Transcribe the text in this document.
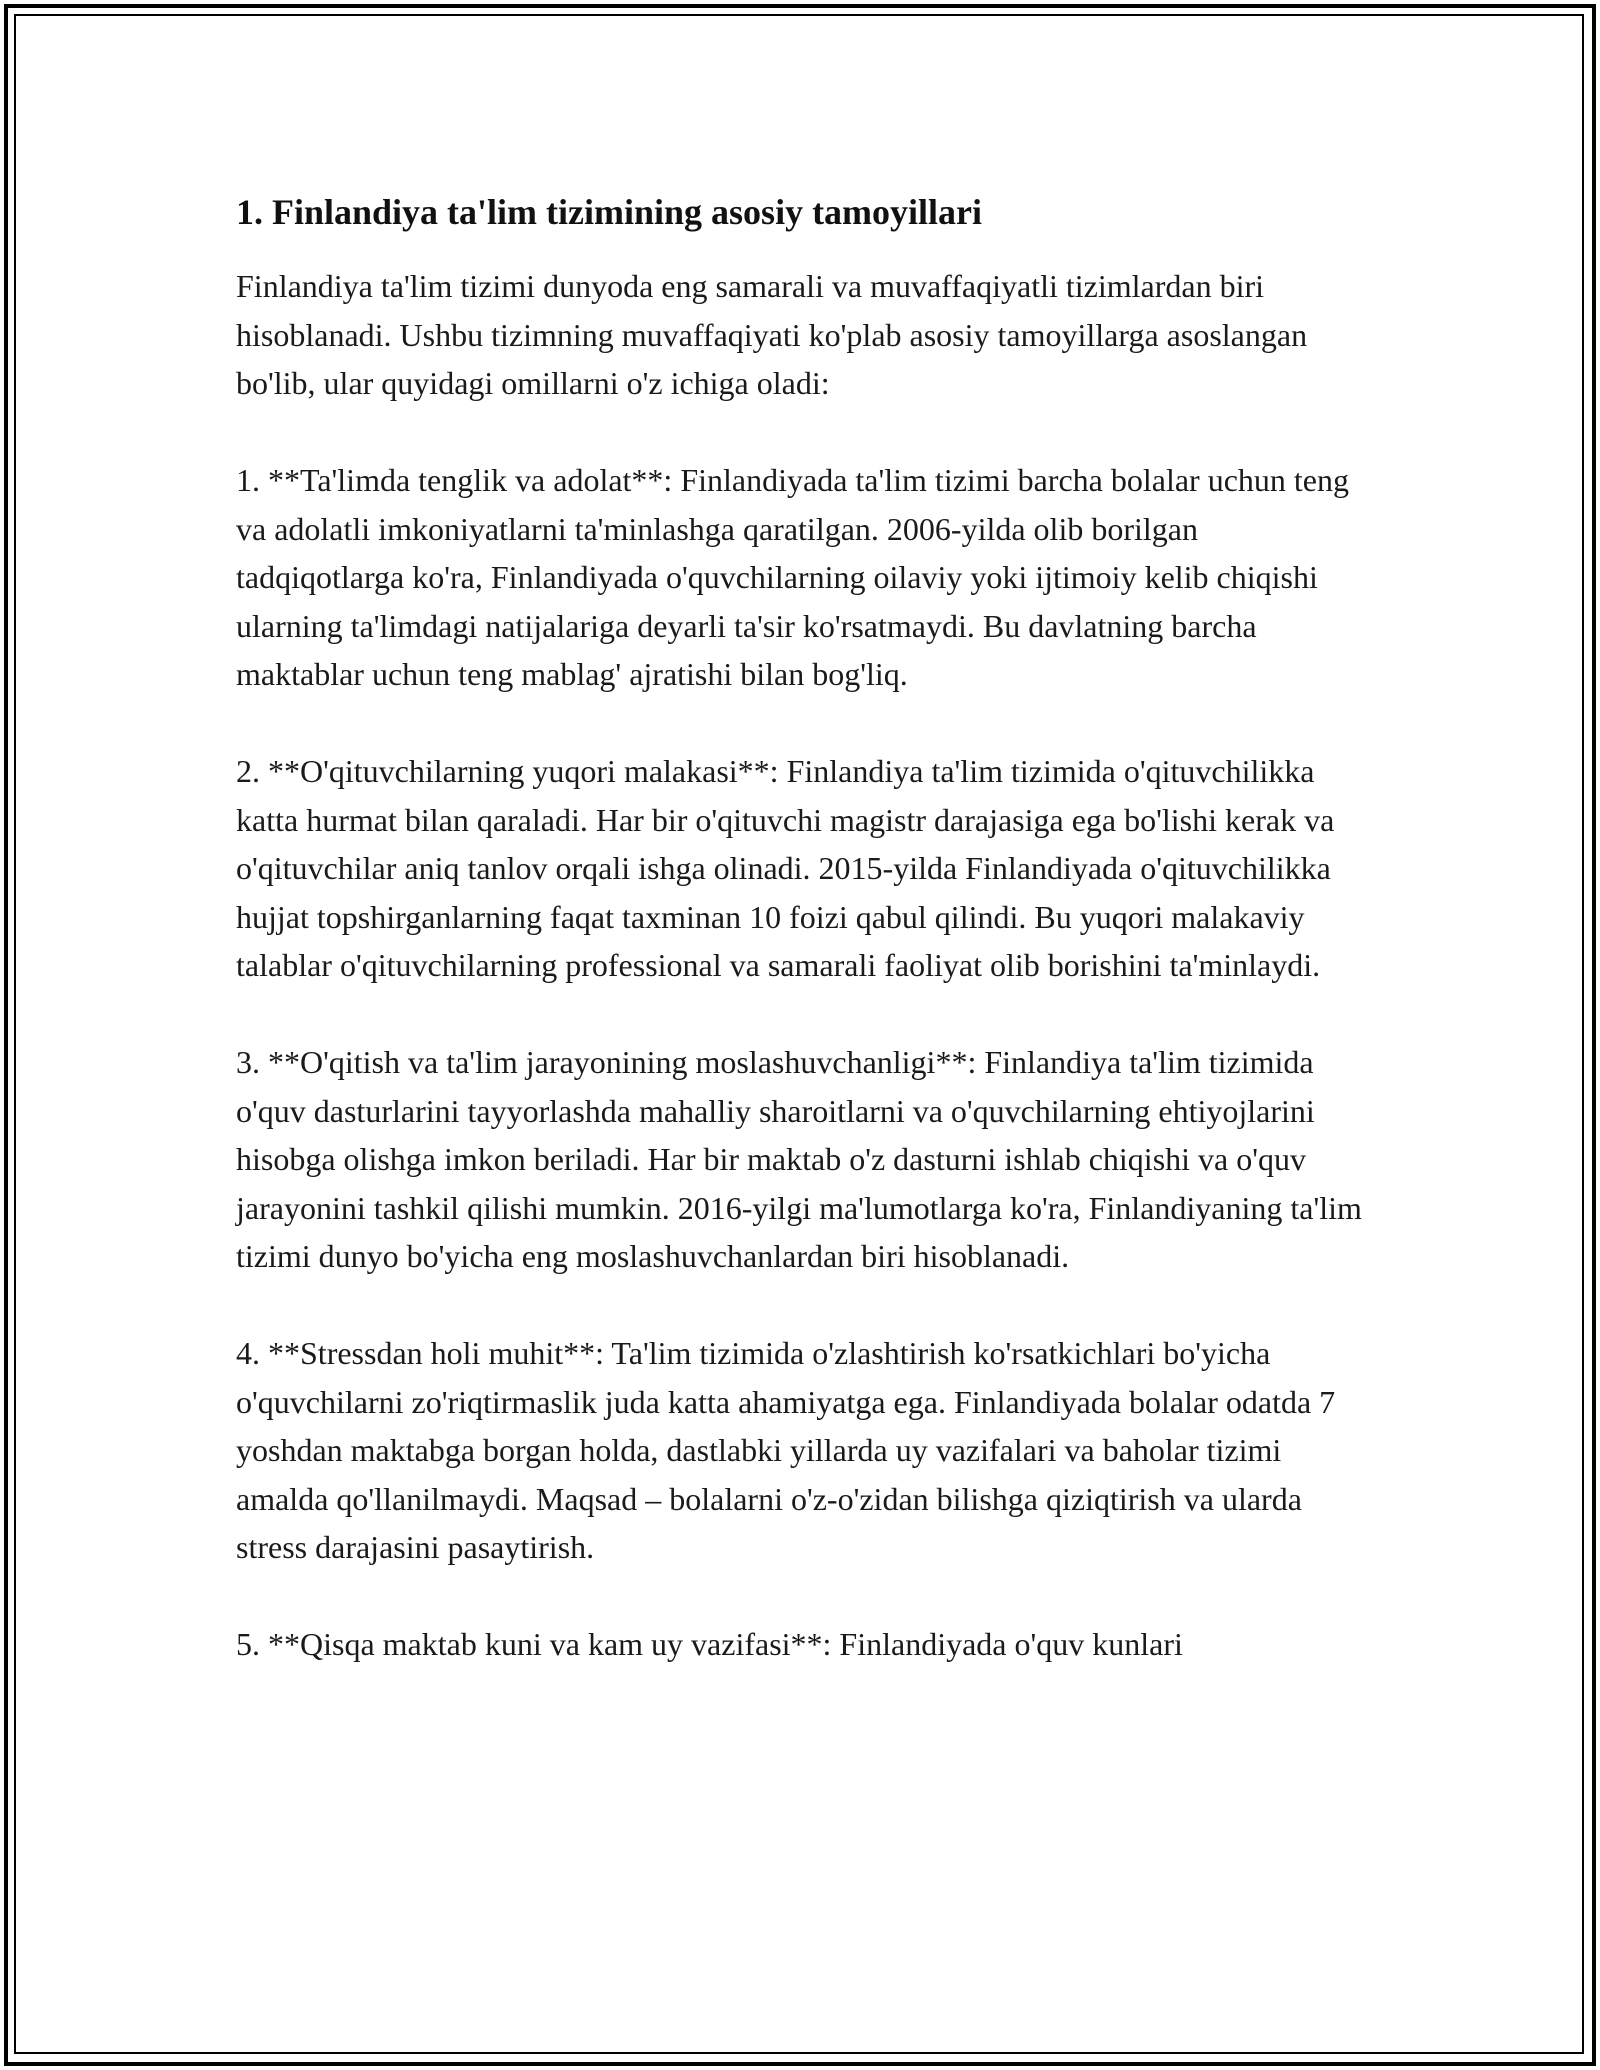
1. Finlandiya ta'lim tizimining asosiy tamoyillari

Finlandiya ta'lim tizimi dunyoda eng samarali va muvaffaqiyatli tizimlardan biri hisoblanadi. Ushbu tizimning muvaffaqiyati ko'plab asosiy tamoyillarga asoslangan bo'lib, ular quyidagi omillarni o'z ichiga oladi:

1. **Ta'limda tenglik va adolat**: Finlandiyada ta'lim tizimi barcha bolalar uchun teng va adolatli imkoniyatlarni ta'minlashga qaratilgan. 2006-yilda olib borilgan tadqiqotlarga ko'ra, Finlandiyada o'quvchilarning oilaviy yoki ijtimoiy kelib chiqishi ularning ta'limdagi natijalariga deyarli ta'sir ko'rsatmaydi. Bu davlatning barcha maktablar uchun teng mablag' ajratishi bilan bog'liq.

2. **O'qituvchilarning yuqori malakasi**: Finlandiya ta'lim tizimida o'qituvchilikka katta hurmat bilan qaraladi. Har bir o'qituvchi magistr darajasiga ega bo'lishi kerak va o'qituvchilar aniq tanlov orqali ishga olinadi. 2015-yilda Finlandiyada o'qituvchilikka hujjat topshirganlarning faqat taxminan 10 foizi qabul qilindi. Bu yuqori malakaviy talablar o'qituvchilarning professional va samarali faoliyat olib borishini ta'minlaydi.

3. **O'qitish va ta'lim jarayonining moslashuvchanligi**: Finlandiya ta'lim tizimida o'quv dasturlarini tayyorlashda mahalliy sharoitlarni va o'quvchilarning ehtiyojlarini hisobga olishga imkon beriladi. Har bir maktab o'z dasturni ishlab chiqishi va o'quv jarayonini tashkil qilishi mumkin. 2016-yilgi ma'lumotlarga ko'ra, Finlandiyaning ta'lim tizimi dunyo bo'yicha eng moslashuvchanlardan biri hisoblanadi.

4. **Stressdan holi muhit**: Ta'lim tizimida o'zlashtirish ko'rsatkichlari bo'yicha o'quvchilarni zo'riqtirmaslik juda katta ahamiyatga ega. Finlandiyada bolalar odatda 7 yoshdan maktabga borgan holda, dastlabki yillarda uy vazifalari va baholar tizimi amalda qo'llanilmaydi. Maqsad – bolalarni o'z-o'zidan bilishga qiziqtirish va ularda stress darajasini pasaytirish.

5. **Qisqa maktab kuni va kam uy vazifasi**: Finlandiyada o'quv kunlari
